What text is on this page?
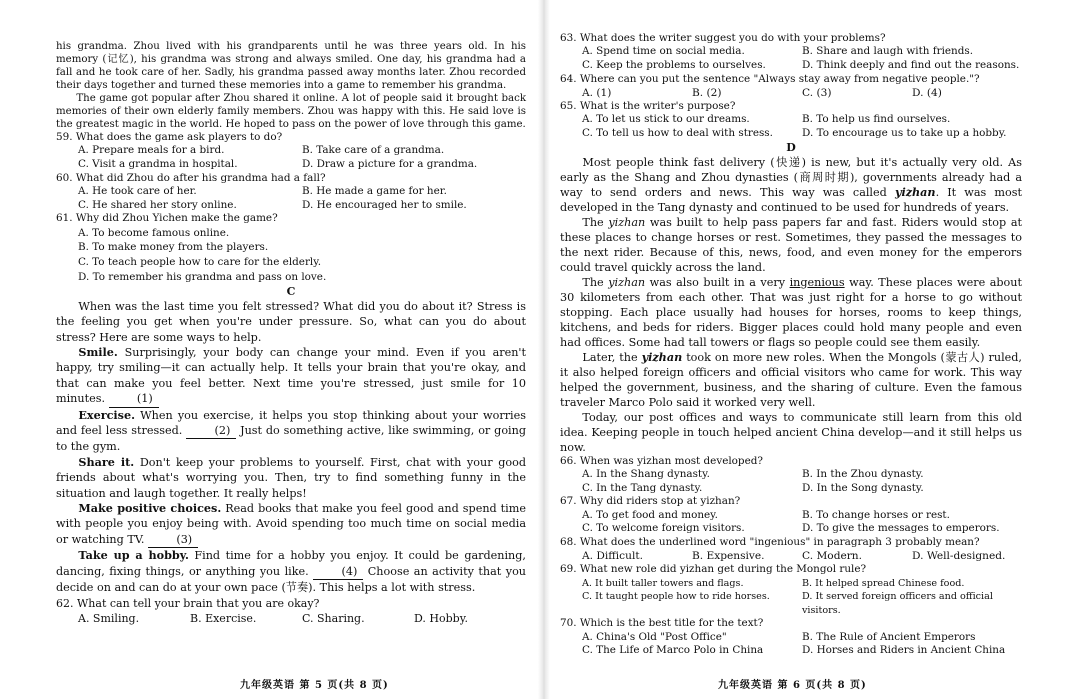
his grandma. Zhou lived with his grandparents until he was three years old. In his memory (记忆), his grandma was strong and always smiled. One day, his grandma had a fall and he took care of her. Sadly, his grandma passed away months later. Zhou recorded their days together and turned these memories into a game to remember his grandma.

The game got popular after Zhou shared it online. A lot of people said it brought back memories of their own elderly family members. Zhou was happy with this. He said love is the greatest magic in the world. He hoped to pass on the power of love through this game.

59. What does the game ask players to do?

A. Prepare meals for a bird.	B. Take care of a grandma.
C. Visit a grandma in hospital.	D. Draw a picture for a grandma.

60. What did Zhou do after his grandma had a fall?

A. He took care of her.	B. He made a game for her.
C. He shared her story online.	D. He encouraged her to smile.

61. Why did Zhou Yichen make the game?

A. To become famous online.
B. To make money from the players.
C. To teach people how to care for the elderly.
D. To remember his grandma and pass on love.
C

When was the last time you felt stressed? What did you do about it? Stress is the feeling you get when you're under pressure. So, what can you do about stress? Here are some ways to help.

Smile. Surprisingly, your body can change your mind. Even if you aren't happy, try smiling—it can actually help. It tells your brain that you're okay, and that can make you feel better. Next time you're stressed, just smile for 10 minutes.	(1)

Exercise. When you exercise, it helps you stop thinking about your worries and feel less stressed.	(2) Just do something active, like swimming, or going to the gym.

Share it. Don't keep your problems to yourself. First, chat with your good friends about what's worrying you. Then, try to find something funny in the situation and laugh together. It really helps!

Make positive choices. Read books that make you feel good and spend time with people you enjoy being with. Avoid spending too much time on social media or watching TV.	(3)

Take up a hobby. Find time for a hobby you enjoy. It could be gardening, dancing, fixing things, or anything you like.	(4) Choose an activity that you decide on and can do at your own pace (节奏). This helps a lot with stress.

62. What can tell your brain that you are okay?

A. Smiling.	B. Exercise.	C. Sharing.	D. Hobby.
九年级英语 第 5 页(共 8 页)

63. What does the writer suggest you do with your problems?

A. Spend time on social media.	B. Share and laugh with friends.
C. Keep the problems to ourselves.	D. Think deeply and find out the reasons.

64. Where can you put the sentence "Always stay away from negative people."?

A. (1)	B. (2)	C. (3)	D. (4)

65. What is the writer's purpose?

A. To let us stick to our dreams.	B. To help us find ourselves.
C. To tell us how to deal with stress.	D. To encourage us to take up a hobby.
D

Most people think fast delivery (快递) is new, but it's actually very old. As early as the Shang and Zhou dynasties (商周时期), governments already had a way to send orders and news. This way was called yizhan. It was most developed in the Tang dynasty and continued to be used for hundreds of years.

The yizhan was built to help pass papers far and fast. Riders would stop at these places to change horses or rest. Sometimes, they passed the messages to the next rider. Because of this, news, food, and even money for the emperors could travel quickly across the land.

The yizhan was also built in a very ingenious way. These places were about 30 kilometers from each other. That was just right for a horse to go without stopping. Each place usually had houses for horses, rooms to keep things, kitchens, and beds for riders. Bigger places could hold many people and even had offices. Some had tall towers or flags so people could see them easily.

Later, the yizhan took on more new roles. When the Mongols (蒙古人) ruled, it also helped foreign officers and official visitors who came for work. This way helped the government, business, and the sharing of culture. Even the famous traveler Marco Polo said it worked very well.

Today, our post offices and ways to communicate still learn from this old idea. Keeping people in touch helped ancient China develop—and it still helps us now.

66. When was yizhan most developed?

A. In the Shang dynasty.	B. In the Zhou dynasty.
C. In the Tang dynasty.	D. In the Song dynasty.

67. Why did riders stop at yizhan?

A. To get food and money.	B. To change horses or rest.
C. To welcome foreign visitors.	D. To give the messages to emperors.

68. What does the underlined word "ingenious" in paragraph 3 probably mean?

A. Difficult.	B. Expensive.	C. Modern.	D. Well-designed.

69. What new role did yizhan get during the Mongol rule?

A. It built taller towers and flags.	B. It helped spread Chinese food.
C. It taught people how to ride horses.	D. It served foreign officers and official visitors.

70. Which is the best title for the text?

A. China's Old "Post Office"	B. The Rule of Ancient Emperors
C. The Life of Marco Polo in China	D. Horses and Riders in Ancient China
九年级英语 第 6 页(共 8 页)
